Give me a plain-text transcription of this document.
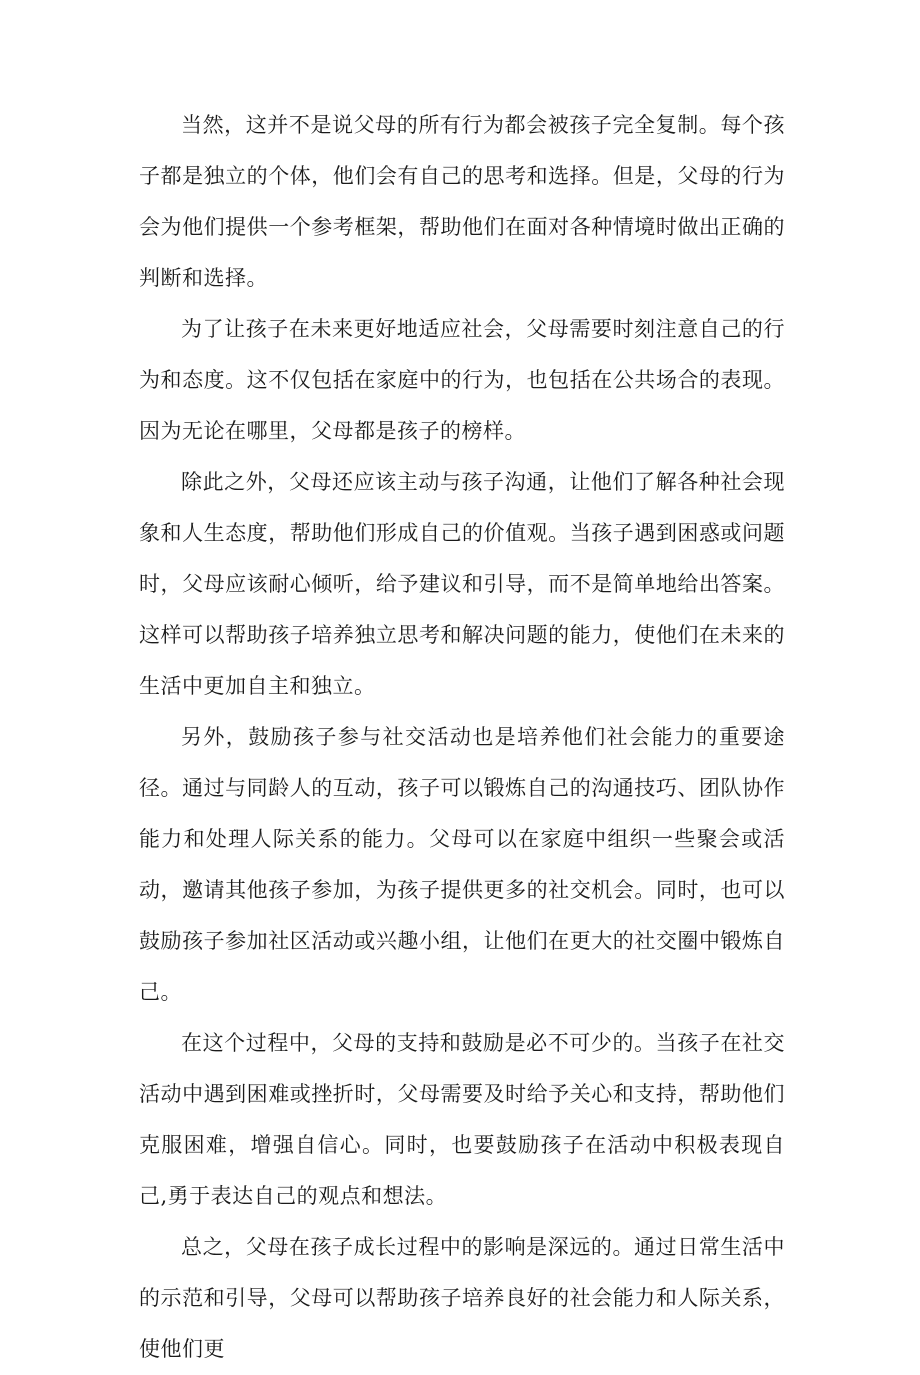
当然，这并不是说父母的所有行为都会被孩子完全复制。每个孩子都是独立的个体，他们会有自己的思考和选择。但是，父母的行为会为他们提供一个参考框架，帮助他们在面对各种情境时做出正确的判断和选择。

为了让孩子在未来更好地适应社会，父母需要时刻注意自己的行为和态度。这不仅包括在家庭中的行为，也包括在公共场合的表现。因为无论在哪里，父母都是孩子的榜样。

除此之外，父母还应该主动与孩子沟通，让他们了解各种社会现象和人生态度，帮助他们形成自己的价值观。当孩子遇到困惑或问题时，父母应该耐心倾听，给予建议和引导，而不是简单地给出答案。这样可以帮助孩子培养独立思考和解决问题的能力，使他们在未来的生活中更加自主和独立。

另外，鼓励孩子参与社交活动也是培养他们社会能力的重要途径。通过与同龄人的互动，孩子可以锻炼自己的沟通技巧、团队协作能力和处理人际关系的能力。父母可以在家庭中组织一些聚会或活动，邀请其他孩子参加，为孩子提供更多的社交机会。同时，也可以鼓励孩子参加社区活动或兴趣小组，让他们在更大的社交圈中锻炼自己。

在这个过程中，父母的支持和鼓励是必不可少的。当孩子在社交活动中遇到困难或挫折时，父母需要及时给予关心和支持，帮助他们克服困难，增强自信心。同时，也要鼓励孩子在活动中积极表现自己,勇于表达自己的观点和想法。

总之，父母在孩子成长过程中的影响是深远的。通过日常生活中的示范和引导，父母可以帮助孩子培养良好的社会能力和人际关系，使他们更
